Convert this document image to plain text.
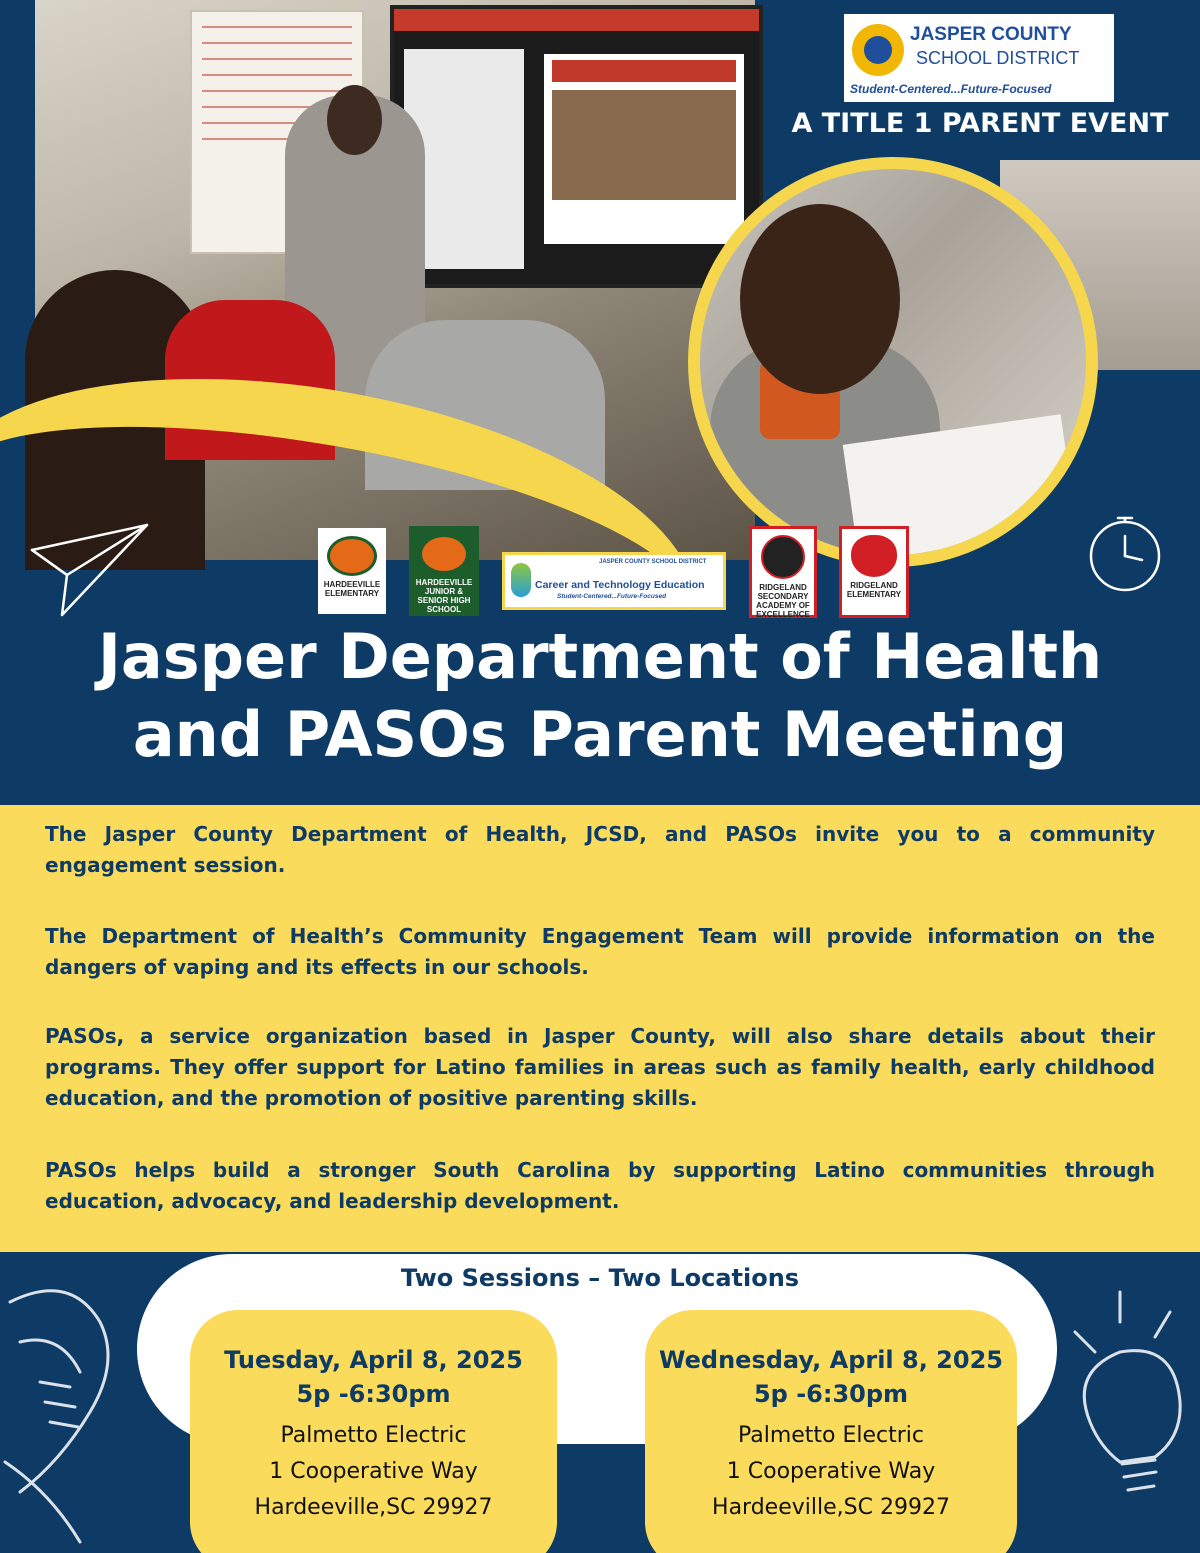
JASPER COUNTY
SCHOOL DISTRICT
Student-Centered...Future-Focused
A TITLE 1 PARENT EVENT
HARDEEVILLE ELEMENTARY
HARDEEVILLE JUNIOR & SENIOR HIGH SCHOOL
JASPER COUNTY SCHOOL DISTRICT
Career and Technology Education
Student-Centered...Future-Focused
RIDGELAND SECONDARY ACADEMY OF EXCELLENCE
RIDGELAND ELEMENTARY
Jasper Department of Health
and PASOs Parent Meeting

The Jasper County Department of Health, JCSD, and PASOs invite you to a community engagement session.

The Department of Health’s Community Engagement Team will provide information on the dangers of vaping and its effects in our schools.

PASOs, a service organization based in Jasper County, will also share details about their programs. They offer support for Latino families in areas such as family health, early childhood education, and the promotion of positive parenting skills.

PASOs helps build a stronger South Carolina by supporting Latino communities through education, advocacy, and leadership development.

Two Sessions – Two Locations
Tuesday, April 8, 2025
5p -6:30pm
Palmetto Electric
1 Cooperative Way
Hardeeville,SC 29927
Wednesday, April 8, 2025
5p -6:30pm
Palmetto Electric
1 Cooperative Way
Hardeeville,SC 29927
